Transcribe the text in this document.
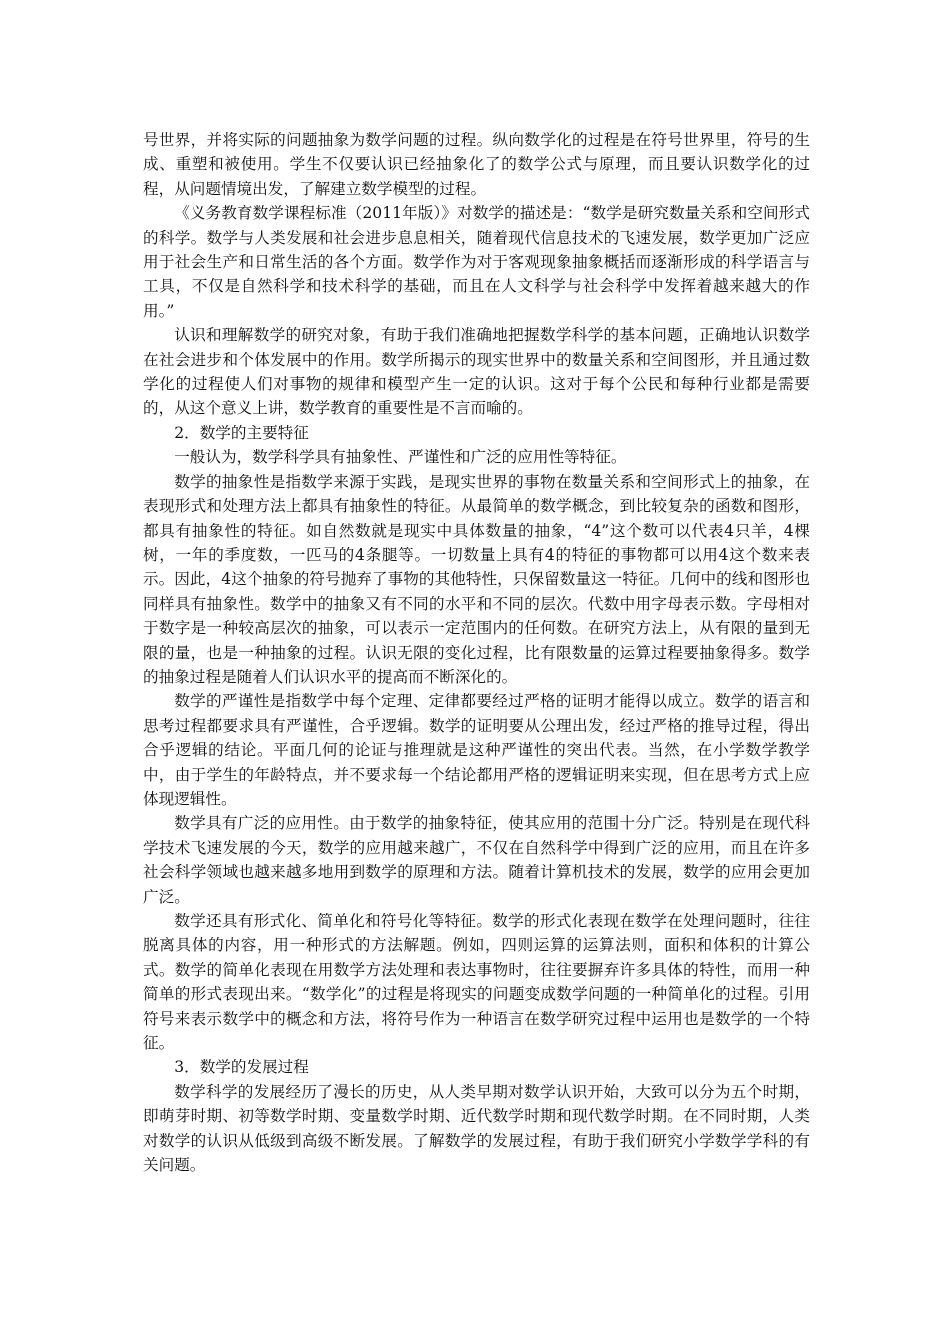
号世界，并将实际的问题抽象为数学问题的过程。纵向数学化的过程是在符号世界里，符号的生成、重塑和被使用。学生不仅要认识已经抽象化了的数学公式与原理，而且要认识数学化的过程，从问题情境出发，了解建立数学模型的过程。

《义务教育数学课程标准（2011年版）》对数学的描述是：“数学是研究数量关系和空间形式的科学。数学与人类发展和社会进步息息相关，随着现代信息技术的飞速发展，数学更加广泛应用于社会生产和日常生活的各个方面。数学作为对于客观现象抽象概括而逐渐形成的科学语言与工具，不仅是自然科学和技术科学的基础，而且在人文科学与社会科学中发挥着越来越大的作用。”

认识和理解数学的研究对象，有助于我们准确地把握数学科学的基本问题，正确地认识数学在社会进步和个体发展中的作用。数学所揭示的现实世界中的数量关系和空间图形，并且通过数学化的过程使人们对事物的规律和模型产生一定的认识。这对于每个公民和每种行业都是需要的，从这个意义上讲，数学教育的重要性是不言而喻的。

2．数学的主要特征

一般认为，数学科学具有抽象性、严谨性和广泛的应用性等特征。

数学的抽象性是指数学来源于实践，是现实世界的事物在数量关系和空间形式上的抽象，在表现形式和处理方法上都具有抽象性的特征。从最简单的数学概念，到比较复杂的函数和图形，都具有抽象性的特征。如自然数就是现实中具体数量的抽象，“4”这个数可以代表4只羊，4棵树，一年的季度数，一匹马的4条腿等。一切数量上具有4的特征的事物都可以用4这个数来表示。因此，4这个抽象的符号抛弃了事物的其他特性，只保留数量这一特征。几何中的线和图形也同样具有抽象性。数学中的抽象又有不同的水平和不同的层次。代数中用字母表示数。字母相对于数字是一种较高层次的抽象，可以表示一定范围内的任何数。在研究方法上，从有限的量到无限的量，也是一种抽象的过程。认识无限的变化过程，比有限数量的运算过程要抽象得多。数学的抽象过程是随着人们认识水平的提高而不断深化的。

数学的严谨性是指数学中每个定理、定律都要经过严格的证明才能得以成立。数学的语言和思考过程都要求具有严谨性，合乎逻辑。数学的证明要从公理出发，经过严格的推导过程，得出合乎逻辑的结论。平面几何的论证与推理就是这种严谨性的突出代表。当然，在小学数学教学中，由于学生的年龄特点，并不要求每一个结论都用严格的逻辑证明来实现，但在思考方式上应体现逻辑性。

数学具有广泛的应用性。由于数学的抽象特征，使其应用的范围十分广泛。特别是在现代科学技术飞速发展的今天，数学的应用越来越广，不仅在自然科学中得到广泛的应用，而且在许多社会科学领域也越来越多地用到数学的原理和方法。随着计算机技术的发展，数学的应用会更加广泛。

数学还具有形式化、简单化和符号化等特征。数学的形式化表现在数学在处理问题时，往往脱离具体的内容，用一种形式的方法解题。例如，四则运算的运算法则，面积和体积的计算公式。数学的简单化表现在用数学方法处理和表达事物时，往往要摒弃许多具体的特性，而用一种简单的形式表现出来。“数学化”的过程是将现实的问题变成数学问题的一种简单化的过程。引用符号来表示数学中的概念和方法，将符号作为一种语言在数学研究过程中运用也是数学的一个特征。

3．数学的发展过程

数学科学的发展经历了漫长的历史，从人类早期对数学认识开始，大致可以分为五个时期，即萌芽时期、初等数学时期、变量数学时期、近代数学时期和现代数学时期。在不同时期，人类对数学的认识从低级到高级不断发展。了解数学的发展过程，有助于我们研究小学数学学科的有关问题。
